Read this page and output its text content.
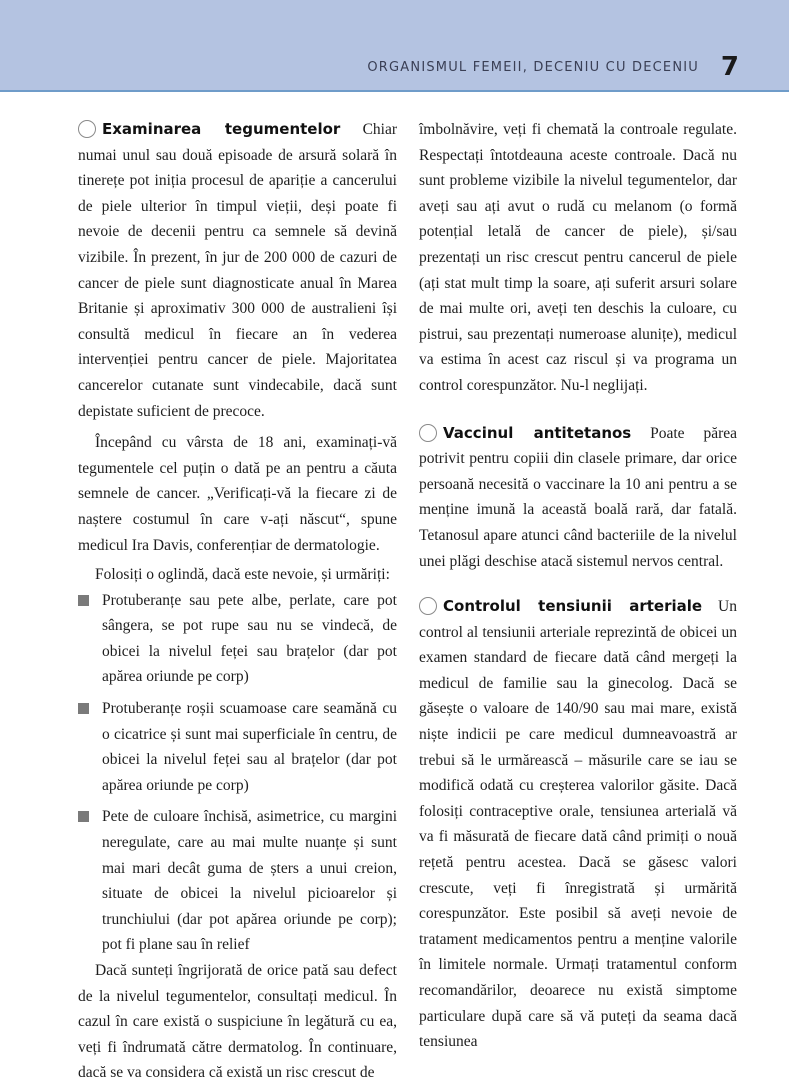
ORGANISMUL FEMEII, DECENIU CU DECENIU 7

Examinarea tegumentelor Chiar numai unul sau două episoade de arsură solară în tinerețe pot iniția procesul de apariție a cancerului de piele ulterior în timpul vieții, deși poate fi nevoie de decenii pentru ca semnele să devină vizibile. În prezent, în jur de 200 000 de cazuri de cancer de piele sunt diagnosticate anual în Marea Britanie și aproximativ 300 000 de australieni își consultă medicul în fiecare an în vederea intervenției pentru cancer de piele. Majoritatea cancerelor cutanate sunt vindecabile, dacă sunt depistate suficient de precoce.

Începând cu vârsta de 18 ani, examinați-vă tegumentele cel puțin o dată pe an pentru a căuta semnele de cancer. „Verificați-vă la fiecare zi de naștere costumul în care v-ați născut“, spune medicul Ira Davis, conferențiar de dermatologie.

Folosiți o oglindă, dacă este nevoie, și urmăriți:

Protuberanțe sau pete albe, perlate, care pot sângera, se pot rupe sau nu se vindecă, de obicei la nivelul feței sau brațelor (dar pot apărea oriunde pe corp)
Protuberanțe roșii scuamoase care seamănă cu o cicatrice și sunt mai superficiale în centru, de obicei la nivelul feței sau al brațelor (dar pot apărea oriunde pe corp)
Pete de culoare închisă, asimetrice, cu margini neregulate, care au mai multe nuanțe și sunt mai mari decât guma de șters a unui creion, situate de obicei la nivelul picioarelor și trunchiului (dar pot apărea oriunde pe corp); pot fi plane sau în relief

Dacă sunteți îngrijorată de orice pată sau defect de la nivelul tegumentelor, consultați medicul. În cazul în care există o suspiciune în legătură cu ea, veți fi îndrumată către dermatolog. În continuare, dacă se va considera că există un risc crescut de

îmbolnăvire, veți fi chemată la controale regulate. Respectați întotdeauna aceste controale. Dacă nu sunt probleme vizibile la nivelul tegumentelor, dar aveți sau ați avut o rudă cu melanom (o formă potențial letală de cancer de piele), și/sau prezentați un risc crescut pentru cancerul de piele (ați stat mult timp la soare, ați suferit arsuri solare de mai multe ori, aveți ten deschis la culoare, cu pistrui, sau prezentați numeroase alunițe), medicul va estima în acest caz riscul și va programa un control corespunzător. Nu-l neglijați.

Vaccinul antitetanos Poate părea potrivit pentru copiii din clasele primare, dar orice persoană necesită o vaccinare la 10 ani pentru a se menține imună la această boală rară, dar fatală. Tetanosul apare atunci când bacteriile de la nivelul unei plăgi deschise atacă sistemul nervos central.

Controlul tensiunii arteriale Un control al tensiunii arteriale reprezintă de obicei un examen standard de fiecare dată când mergeți la medicul de familie sau la ginecolog. Dacă se găsește o valoare de 140/90 sau mai mare, există niște indicii pe care medicul dumneavoastră ar trebui să le urmărească – măsurile care se iau se modifică odată cu creșterea valorilor găsite. Dacă folosiți contraceptive orale, tensiunea arterială vă va fi măsurată de fiecare dată când primiți o nouă rețetă pentru acestea. Dacă se găsesc valori crescute, veți fi înregistrată și urmărită corespunzător. Este posibil să aveți nevoie de tratament medicamentos pentru a menține valorile în limitele normale. Urmați tratamentul conform recomandărilor, deoarece nu există simptome particulare după care să vă puteți da seama dacă tensiunea
